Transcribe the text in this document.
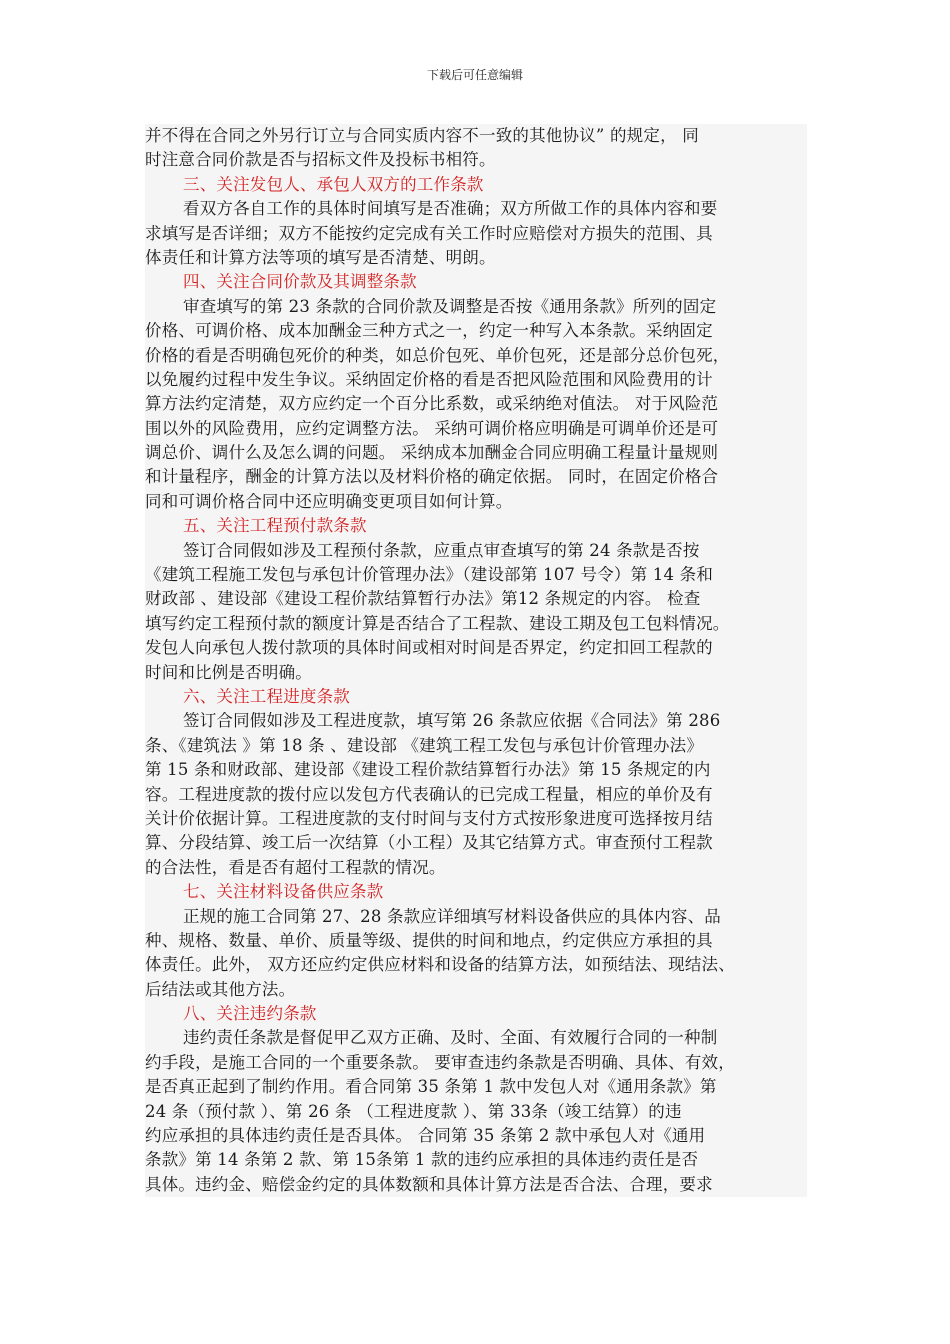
下载后可任意编辑
并不得在合同之外另行订立与合同实质内容不一致的其他协议” 的规定， 同
时注意合同价款是否与招标文件及投标书相符。
三、关注发包人、承包人双方的工作条款
看双方各自工作的具体时间填写是否准确；双方所做工作的具体内容和要
求填写是否详细；双方不能按约定完成有关工作时应赔偿对方损失的范围、具
体责任和计算方法等项的填写是否清楚、明朗。
四、关注合同价款及其调整条款
审查填写的第 23 条款的合同价款及调整是否按《通用条款》所列的固定
价格、可调价格、成本加酬金三种方式之一，约定一种写入本条款。采纳固定
价格的看是否明确包死价的种类，如总价包死、单价包死，还是部分总价包死，
以免履约过程中发生争议。采纳固定价格的看是否把风险范围和风险费用的计
算方法约定清楚，双方应约定一个百分比系数，或采纳绝对值法。 对于风险范
围以外的风险费用，应约定调整方法。 采纳可调价格应明确是可调单价还是可
调总价、调什么及怎么调的问题。 采纳成本加酬金合同应明确工程量计量规则
和计量程序，酬金的计算方法以及材料价格的确定依据。 同时，在固定价格合
同和可调价格合同中还应明确变更项目如何计算。
五、关注工程预付款条款
签订合同假如涉及工程预付条款，应重点审查填写的第 24 条款是否按
《建筑工程施工发包与承包计价管理办法》（建设部第 107 号令）第 14 条和
财政部 、建设部《建设工程价款结算暂行办法》第12 条规定的内容。 检查
填写约定工程预付款的额度计算是否结合了工程款、建设工期及包工包料情况。
发包人向承包人拨付款项的具体时间或相对时间是否界定，约定扣回工程款的
时间和比例是否明确。
六、关注工程进度条款
签订合同假如涉及工程进度款，填写第 26 条款应依据《合同法》第 286
条、《建筑法 》第 18 条 、建设部 《建筑工程工发包与承包计价管理办法》
第 15 条和财政部、建设部《建设工程价款结算暂行办法》第 15 条规定的内
容。工程进度款的拨付应以发包方代表确认的已完成工程量，相应的单价及有
关计价依据计算。工程进度款的支付时间与支付方式按形象进度可选择按月结
算、分段结算、竣工后一次结算（小工程）及其它结算方式。审查预付工程款
的合法性，看是否有超付工程款的情况。
七、关注材料设备供应条款
正规的施工合同第 27、28 条款应详细填写材料设备供应的具体内容、品
种、规格、数量、单价、质量等级、提供的时间和地点，约定供应方承担的具
体责任。此外， 双方还应约定供应材料和设备的结算方法，如预结法、现结法、
后结法或其他方法。
八、关注违约条款
违约责任条款是督促甲乙双方正确、及时、全面、有效履行合同的一种制
约手段，是施工合同的一个重要条款。 要审查违约条款是否明确、具体、有效，
是否真正起到了制约作用。看合同第 35 条第 1 款中发包人对《通用条款》第
24 条（预付款 ）、第 26 条 （工程进度款 ）、第 33条（竣工结算）的违
约应承担的具体违约责任是否具体。 合同第 35 条第 2 款中承包人对《通用
条款》第 14 条第 2 款、第 15条第 1 款的违约应承担的具体违约责任是否
具体。违约金、赔偿金约定的具体数额和具体计算方法是否合法、合理，要求
